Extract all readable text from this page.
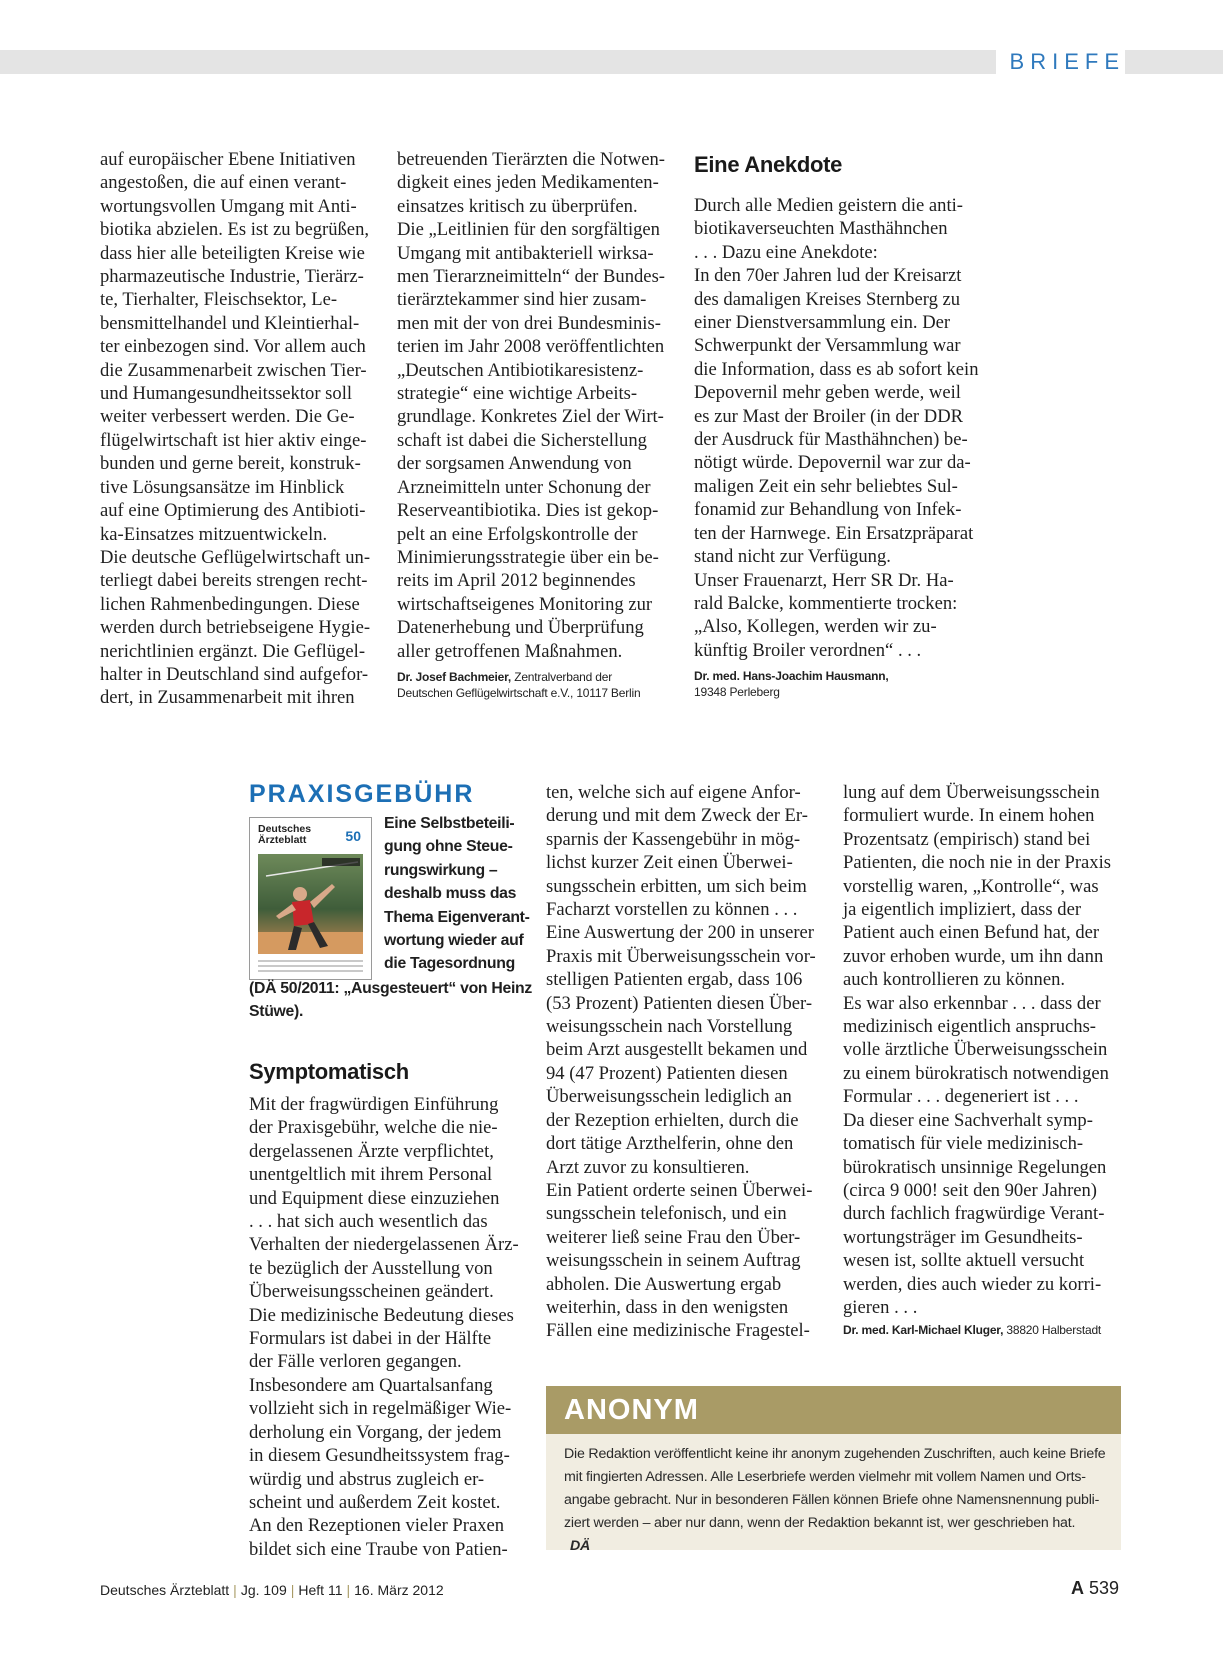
BRIEFE
auf europäischer Ebene Initiativen
angestoßen, die auf einen verant-
wortungsvollen Umgang mit Anti-
biotika abzielen. Es ist zu begrüßen,
dass hier alle beteiligten Kreise wie
pharmazeutische Industrie, Tierärz-
te, Tierhalter, Fleischsektor, Le-
bensmittelhandel und Kleintierhal-
ter einbezogen sind. Vor allem auch
die Zusammenarbeit zwischen Tier-
und Humangesundheitssektor soll
weiter verbessert werden. Die Ge-
flügelwirtschaft ist hier aktiv einge-
bunden und gerne bereit, konstruk-
tive Lösungsansätze im Hinblick
auf eine Optimierung des Antibioti-
ka-Einsatzes mitzuentwickeln.
Die deutsche Geflügelwirtschaft un-
terliegt dabei bereits strengen recht-
lichen Rahmenbedingungen. Diese
werden durch betriebseigene Hygie-
nerichtlinien ergänzt. Die Geflügel-
halter in Deutschland sind aufgefor-
dert, in Zusammenarbeit mit ihren
betreuenden Tierärzten die Notwen-
digkeit eines jeden Medikamenten-
einsatzes kritisch zu überprüfen.
Die „Leitlinien für den sorgfältigen
Umgang mit antibakteriell wirksa-
men Tierarzneimitteln“ der Bundes-
tierärztekammer sind hier zusam-
men mit der von drei Bundesminis-
terien im Jahr 2008 veröffentlichten
„Deutschen Antibiotikaresistenz-
strategie“ eine wichtige Arbeits-
grundlage. Konkretes Ziel der Wirt-
schaft ist dabei die Sicherstellung
der sorgsamen Anwendung von
Arzneimitteln unter Schonung der
Reserveantibiotika. Dies ist gekop-
pelt an eine Erfolgskontrolle der
Minimierungsstrategie über ein be-
reits im April 2012 beginnendes
wirtschaftseigenes Monitoring zur
Datenerhebung und Überprüfung
aller getroffenen Maßnahmen.
Dr. Josef Bachmeier, Zentralverband der
Deutschen Geflügelwirtschaft e.V., 10117 Berlin
Eine Anekdote
Durch alle Medien geistern die anti-
biotikaverseuchten Masthähnchen
. . . Dazu eine Anekdote:
In den 70er Jahren lud der Kreisarzt
des damaligen Kreises Sternberg zu
einer Dienstversammlung ein. Der
Schwerpunkt der Versammlung war
die Information, dass es ab sofort kein
Depovernil mehr geben werde, weil
es zur Mast der Broiler (in der DDR
der Ausdruck für Masthähnchen) be-
nötigt würde. Depovernil war zur da-
maligen Zeit ein sehr beliebtes Sul-
fonamid zur Behandlung von Infek-
ten der Harnwege. Ein Ersatzpräparat
stand nicht zur Verfügung.
Unser Frauenarzt, Herr SR Dr. Ha-
rald Balcke, kommentierte trocken:
„Also, Kollegen, werden wir zu-
künftig Broiler verordnen“ . . .
Dr. med. Hans-Joachim Hausmann,
19348 Perleberg
PRAXISGEBÜHR
Deutsches
Ärzteblatt	50
Eine Selbstbeteili-
gung ohne Steue-
rungswirkung –
deshalb muss das
Thema Eigenverant-
wortung wieder auf
die Tagesordnung
(DÄ 50/2011: „Ausgesteuert“ von Heinz
Stüwe).
Symptomatisch
Mit der fragwürdigen Einführung
der Praxisgebühr, welche die nie-
dergelassenen Ärzte verpflichtet,
unentgeltlich mit ihrem Personal
und Equipment diese einzuziehen
. . . hat sich auch wesentlich das
Verhalten der niedergelassenen Ärz-
te bezüglich der Ausstellung von
Überweisungsscheinen geändert.
Die medizinische Bedeutung dieses
Formulars ist dabei in der Hälfte
der Fälle verloren gegangen.
Insbesondere am Quartalsanfang
vollzieht sich in regelmäßiger Wie-
derholung ein Vorgang, der jedem
in diesem Gesundheitssystem frag-
würdig und abstrus zugleich er-
scheint und außerdem Zeit kostet.
An den Rezeptionen vieler Praxen
bildet sich eine Traube von Patien-
ten, welche sich auf eigene Anfor-
derung und mit dem Zweck der Er-
sparnis der Kassengebühr in mög-
lichst kurzer Zeit einen Überwei-
sungsschein erbitten, um sich beim
Facharzt vorstellen zu können . . .
Eine Auswertung der 200 in unserer
Praxis mit Überweisungsschein vor-
stelligen Patienten ergab, dass 106
(53 Prozent) Patienten diesen Über-
weisungsschein nach Vorstellung
beim Arzt ausgestellt bekamen und
94 (47 Prozent) Patienten diesen
Überweisungsschein lediglich an
der Rezeption erhielten, durch die
dort tätige Arzthelferin, ohne den
Arzt zuvor zu konsultieren.
Ein Patient orderte seinen Überwei-
sungsschein telefonisch, und ein
weiterer ließ seine Frau den Über-
weisungsschein in seinem Auftrag
abholen. Die Auswertung ergab
weiterhin, dass in den wenigsten
Fällen eine medizinische Fragestel-
lung auf dem Überweisungsschein
formuliert wurde. In einem hohen
Prozentsatz (empirisch) stand bei
Patienten, die noch nie in der Praxis
vorstellig waren, „Kontrolle“, was
ja eigentlich impliziert, dass der
Patient auch einen Befund hat, der
zuvor erhoben wurde, um ihn dann
auch kontrollieren zu können.
Es war also erkennbar . . . dass der
medizinisch eigentlich anspruchs-
volle ärztliche Überweisungsschein
zu einem bürokratisch notwendigen
Formular . . . degeneriert ist . . .
Da dieser eine Sachverhalt symp-
tomatisch für viele medizinisch-
bürokratisch unsinnige Regelungen
(circa 9 000! seit den 90er Jahren)
durch fachlich fragwürdige Verant-
wortungsträger im Gesundheits-
wesen ist, sollte aktuell versucht
werden, dies auch wieder zu korri-
gieren . . .
Dr. med. Karl-Michael Kluger, 38820 Halberstadt
ANONYM
Die Redaktion veröffentlicht keine ihr anonym zugehenden Zuschriften, auch keine Briefe
mit fingierten Adressen. Alle Leserbriefe werden vielmehr mit vollem Namen und Orts-
angabe gebracht. Nur in besonderen Fällen können Briefe ohne Namensnennung publi-
ziert werden – aber nur dann, wenn der Redaktion bekannt ist, wer geschrieben hat.
DÄ
Deutsches Ärzteblatt | Jg. 109 | Heft 11 | 16. März 2012	A 539
